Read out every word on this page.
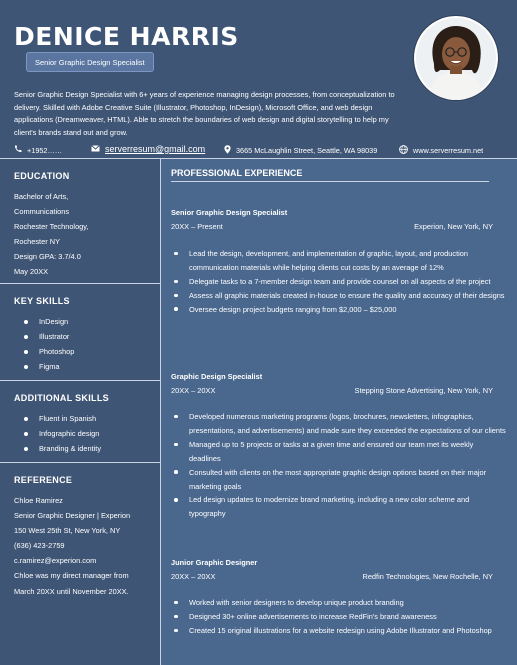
DENICE HARRIS
Senior Graphic Design Specialist
Senior Graphic Design Specialist with 6+ years of experience managing design processes, from conceptualization to delivery. Skilled with Adobe Creative Suite (Illustrator, Photoshop, InDesign), Microsoft Office, and web design applications (Dreamweaver, HTML). Able to stretch the boundaries of web design and digital storytelling to help my client's brands stand out and grow.
+1952……	serverresum@gmail.com	3665 McLaughlin Street, Seattle, WA 98039	www.serverresum.net
EDUCATION
Bachelor of Arts,
Communications
Rochester Technology,
Rochester NY
Design GPA: 3.7/4.0
May 20XX
KEY SKILLS
InDesign
Illustrator
Photoshop
Figma
ADDITIONAL SKILLS
Fluent in Spanish
Infographic design
Branding & identity
REFERENCE
Chloe Ramirez
Senior Graphic Designer | Experion
150 West 25th St, New York, NY
(636) 423-2759
c.ramirez@experion.com
Chloe was my direct manager from
March 20XX until November 20XX.
PROFESSIONAL EXPERIENCE
Senior Graphic Design Specialist
20XX – Present	Experion, New York, NY
Lead the design, development, and implementation of graphic, layout, and production communication materials while helping clients cut costs by an average of 12%
Delegate tasks to a 7-member design team and provide counsel on all aspects of the project
Assess all graphic materials created in-house to ensure the quality and accuracy of their designs
Oversee design project budgets ranging from $2,000 – $25,000
Graphic Design Specialist
20XX – 20XX	Stepping Stone Advertising, New York, NY
Developed numerous marketing programs (logos, brochures, newsletters, infographics, presentations, and advertisements) and made sure they exceeded the expectations of our clients
Managed up to 5 projects or tasks at a given time and ensured our team met its weekly deadlines
Consulted with clients on the most appropriate graphic design options based on their major marketing goals
Led design updates to modernize brand marketing, including a new color scheme and typography
Junior Graphic Designer
20XX – 20XX	Redfin Technologies, New Rochelle, NY
Worked with senior designers to develop unique product branding
Designed 30+ online advertisements to increase RedFin's brand awareness
Created 15 original illustrations for a website redesign using Adobe Illustrator and Photoshop
